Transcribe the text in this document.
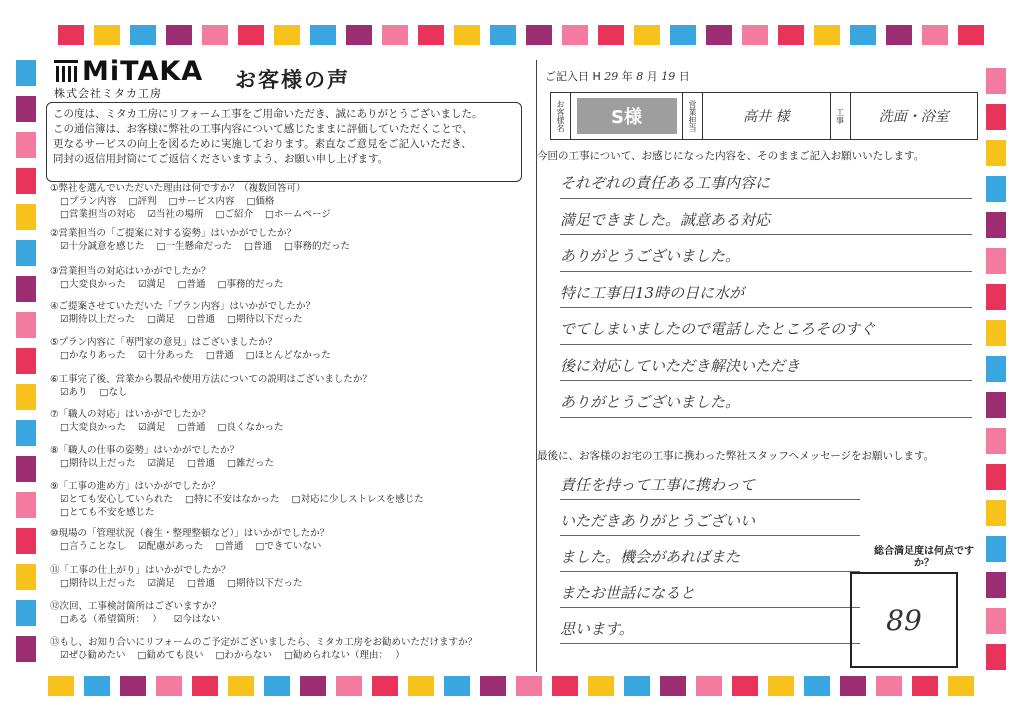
MiTAKA
株式会社ミタカ工房
お客様の声
この度は、ミタカ工房にリフォーム工事をご用命いただき、誠にありがとうございました。
この通信簿は、お客様に弊社の工事内容について感じたままに評価していただくことで、
更なるサービスの向上を図るために実施しております。素直なご意見をご記入いただき、
同封の返信用封筒にてご返信くださいますよう、お願い申し上げます。
①弊社を選んでいただいた理由は何ですか？（複数回答可）
□プラン内容 □評判 □サービス内容 □価格
□営業担当の対応 ☑当社の場所 □ご紹介 □ホームページ
②営業担当の「ご提案に対する姿勢」はいかがでしたか？
☑十分誠意を感じた □一生懸命だった □普通 □事務的だった
③営業担当の対応はいかがでしたか？
□大変良かった ☑満足 □普通 □事務的だった
④ご提案させていただいた「プラン内容」はいかがでしたか？
☑期待以上だった □満足 □普通 □期待以下だった
⑤プラン内容に「専門家の意見」はございましたか？
□かなりあった ☑十分あった □普通 □ほとんどなかった
⑥工事完了後、営業から製品や使用方法についての説明はございましたか？
☑あり □なし
⑦「職人の対応」はいかがでしたか？
□大変良かった ☑満足 □普通 □良くなかった
⑧「職人の仕事の姿勢」はいかがでしたか？
□期待以上だった ☑満足 □普通 □雑だった
⑨「工事の進め方」はいかがでしたか？
☑とても安心していられた □特に不安はなかった □対応に少しストレスを感じた
□とても不安を感じた
⑩現場の「管理状況（養生・整理整頓など）」はいかがでしたか？
□言うことなし ☑配慮があった □普通 □できていない
⑪「工事の仕上がり」はいかがでしたか？
□期待以上だった ☑満足 □普通 □期待以下だった
⑫次回、工事検討箇所はございますか？
□ある（希望箇所： ） ☑今はない
⑬もし、お知り合いにリフォームのご予定がございましたら、ミタカ工房をお勧めいただけますか？
☑ぜひ勧めたい □勧めても良い □わからない □勧められない（理由： ）
ご記入日 H 29 年 8 月 19 日
お客様名	S様	営業担当	高井 様	工事	洗面・浴室
今回の工事について、お感じになった内容を、そのままご記入お願いいたします。
それぞれの責任ある工事内容に
満足できました。誠意ある対応
ありがとうございました。
特に工事日13時の日に水が
でてしまいましたので電話したところそのすぐ
後に対応していただき解決いただき
ありがとうございました。
最後に、お客様のお宅の工事に携わった弊社スタッフへメッセージをお願いします。
責任を持って工事に携わって
いただきありがとうございい
ました。機会があればまた
またお世話になると
思います。
総合満足度は何点ですか？
89
